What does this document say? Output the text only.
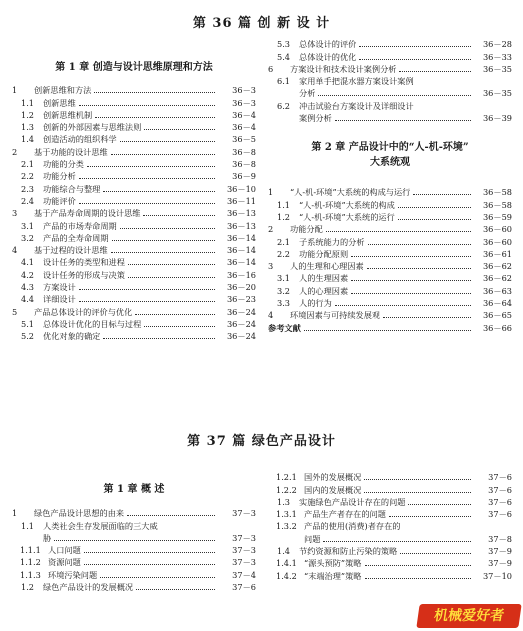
第 36 篇 创 新 设 计
第 1 章 创造与设计思维原理和方法
1	创新思维和方法	36－3
1.1	创新思维	36－3
1.2	创新思维机制	36－4
1.3	创新的外部因素与思维法则	36－4
1.4	创造活动的组织科学	36－5
2	基于功能的设计思维	36－8
2.1	功能的分类	36－8
2.2	功能分析	36－9
2.3	功能综合与整理	36－10
2.4	功能评价	36－11
3	基于产品寿命周期的设计思维	36－13
3.1	产品的市场寿命周期	36－13
3.2	产品的全寿命周期	36－14
4	基于过程的设计思维	36－14
4.1	设计任务的类型和进程	36－14
4.2	设计任务的形成与决策	36－16
4.3	方案设计	36－20
4.4	详细设计	36－23
5	产品总体设计的评价与优化	36－24
5.1	总体设计优化的目标与过程	36－24
5.2	优化对象的确定	36－24
5.3	总体设计的评价	36－28
5.4	总体设计的优化	36－33
6	方案设计和技术设计案例分析	36－35
6.1	家用单手把混水器方案设计案例
分析	36－35
6.2	冲击试验台方案设计及详细设计
案例分析	36－39
第 2 章 产品设计中的“人-机-环境”
大系统观
1	“人-机-环境”大系统的构成与运行	36－58
1.1	“人-机-环境”大系统的构成	36－58
1.2	“人-机-环境”大系统的运行	36－59
2	功能分配	36－60
2.1	子系统能力的分析	36－60
2.2	功能分配原则	36－61
3	人的生理和心理因素	36－62
3.1	人的生理因素	36－62
3.2	人的心理因素	36－63
3.3	人的行为	36－64
4	环境因素与可持续发展观	36－65
参考文献	36－66
第 37 篇 绿色产品设计
第 1 章 概 述
1	绿色产品设计思想的由来	37－3
1.1	人类社会生存发展面临的三大威
胁	37－3
1.1.1 人口问题	37－3
1.1.2 资源问题	37－3
1.1.3 环境污染问题	37－4
1.2	绿色产品设计的发展概况	37－6
1.2.1 国外的发展概况	37－6
1.2.2 国内的发展概况	37－6
1.3	实施绿色产品设计存在的问题	37－6
1.3.1 产品生产者存在的问题	37－6
1.3.2 产品的使用(消费)者存在的
问题	37－8
1.4	节约资源和防止污染的策略	37－9
1.4.1 “源头预防”策略	37－9
1.4.2 “末端治理”策略	37－10
机械爱好者
